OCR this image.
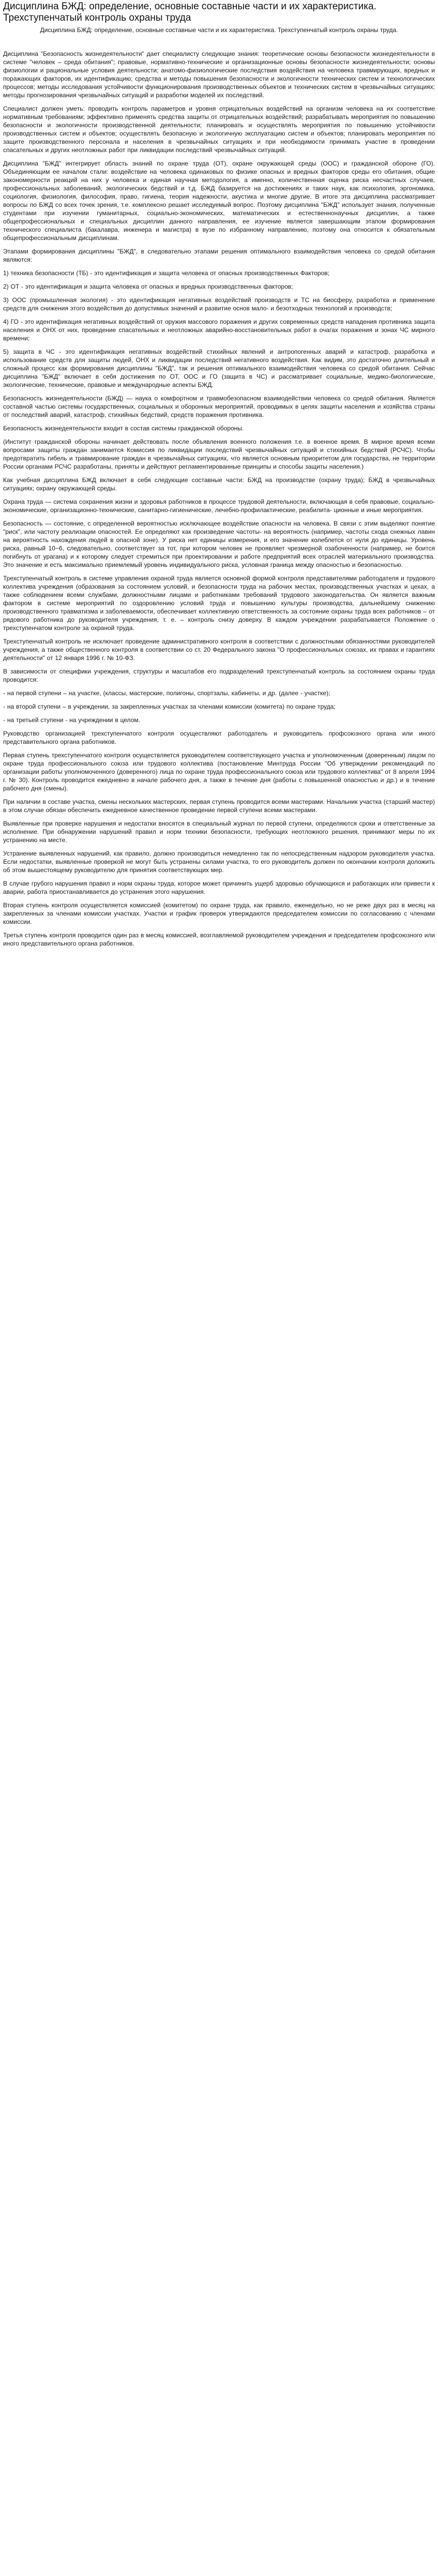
Дисциплина БЖД: определение, основные составные части и их характеристика. Трехступенчатый контроль охраны труда
Дисциплина БЖД: определение, основные составные части и их характеристика. Трехступенчатый контроль охраны труда.

Дисциплина "Безопасность жизнедеятельности" дает специалисту следующие знания: теоретические основы безопасности жизнедеятельности в системе "человек – среда обитания"; правовые, нормативно-технические и организационные основы безопасности жизнедеятельности; основы физиологии и рациональные условия деятельности; анатомо-физиологические последствия воздействия на человека травмирующих, вредных и поражающих факторов, их идентификацию; средства и методы повышения безопасности и экологичности технических систем и технологических процессов; методы исследования устойчивости функционирования производственных объектов и технических систем в чрезвычайных ситуациях; методы прогнозирования чрезвычайных ситуаций и разработки моделей их последствий.

Специалист должен уметь: проводить контроль параметров и уровня отрицательных воздействий на организм человека на их соответствие нормативным требованиям; эффективно применять средства защиты от отрицательных воздействий; разрабатывать мероприятия по повышению безопасности и экологичности производственной деятельности; планировать и осуществлять мероприятия по повышению устойчивости производственных систем и объектов; осуществлять безопасную и экологичную эксплуатацию систем и объектов; планировать мероприятия по защите производственного персонала и населения в чрезвычайных ситуациях и при необходимости принимать участие в проведении спасательных и других неотложных работ при ликвидации последствий чрезвычайных ситуаций.

Дисциплина "БЖД" интегрирует область знаний по охране труда (ОТ), охране окружающей среды (ООС) и гражданской обороне (ГО). Объединяющим ее началом стали: воздействие на человека одинаковых по физике опасных и вредных факторов среды его обитания, общие закономерности реакций на них у человека и единая научная методология, а именно, количественная оценка риска несчастных случаев, профессиональных заболеваний, экологических бедствий и т.д. БЖД базируется на достижениях и таких наук, как психология, эргономика, социология, физиология, философия, право, гигиена, теория надежности, акустика и многие другие. В итоге эта дисциплина рассматривает вопросы по БЖД со всех точек зрения, т.е. комплексно решает исследуемый вопрос. Поэтому дисциплина "БЖД" использует знания, полученные студентами при изучении гуманитарных, социально-экономических, математических и естественнонаучных дисциплин, а также общепрофессиональных и специальных дисциплин данного направления, ее изучение является завершающим этапом формирования технического специалиста (бакалавра, инженера и магистра) в вузе по избранному направлению, поэтому она относится к обязательным общепрофессиональным дисциплинам.

Этапами формирования дисциплины "БЖД", в следовательно этапами решения оптимального взаимодействия человека со средой обитания являются:

1) техника безопасности (ТБ) - это идентификация и защита человека от опасных производственных Факторов;

2) ОТ - это идентификация и защита человека от опасных и вредных производственных факторов;

3) ООС (промышленная экология) - это идентификация негативных воздействий производств и ТС на биосферу, разработка и применение средств для снижения этого воздействия до допустимых значений и развитие основ мало- и безотходных технологий и производств;

4) ГО - это идентификация негативных воздействий от оружия массового поражения и других современных средств нападения противника защита населения и ОНХ от них, проведение спасательных и неотложных аварийно-восстановительных работ в очагах поражения и зонах ЧС мирного времени;

5) защита в ЧС - это идентификация негативных воздействий стихийных явлений и антропогенных аварий и катастроф, разработка и использование средств для защиты людей, ОНХ и ликвидации последствий негативного воздействия. Как видим, это достаточно длительный и сложный процесс как формирования дисциплины "БЖД", так и решения оптимального взаимодействия человека со средой обитания. Сейчас дисциплина "БЖД" включает в себя достижения по ОТ, ООС и ГО (защита в ЧС) и рассматривает социальные, медико-биологические, экологические, технические, правовые и международные аспекты БЖД.

Безопасность жизнедеятельности (БЖД) — наука о комфортном и травмобезопасном взаимодействии человека со средой обитания. Является составной частью системы государственных, социальных и оборонных мероприятий, проводимых в целях защиты населения и хозяйства страны от последствий аварий, катастроф, стихийных бедствий, средств поражения противника.

Безопасность жизнедеятельности входит в состав системы гражданской обороны.

(Институт гражданской обороны начинает действовать после объявления военного положения т.е. в военное время. В мирное время всеми вопросами защиты граждан занимается Комиссия по ликвидации последствий чрезвычайных ситуаций и стихийных бедствий (РСЧС). Чтобы предотвратить гибель и травмирование граждан в чрезвычайных ситуациях, что является основным приоритетом для государства, не территории России органами РСЧС разработаны, приняты и действуют регламентированные принципы и способы защиты населения.)

Как учебная дисциплина БЖД включает в себя следующие составные части: БЖД на производстве (охрану труда); БЖД в чрезвычайных ситуациях; охрану окружающей среды.

Охрана труда — система сохранения жизни и здоровья работников в процессе трудовой деятельности, включающая в себя правовые, социально-экономические, организационно-технические, санитарно-гигиенические, лечебно-профилактические, реабилита- ционные и иные мероприятия.

Безопасность — состояние, с определенной вероятностью исключающее воздействие опасности на человека. В связи с этим выделяют понятие "риск", или частоту реализации опасностей. Ее определяют как произведение частоты- на вероятность (например, частоты схода снежных лавин на вероятность нахождения людей в опасной зоне). У риска нет единицы измерения, и его значение колеблется от нуля до единицы. Уровень риска, равный 10−6, следовательно, соответствует за тот, при котором человек не проявляет чрезмерной озабоченности (например, не боится погибнуть от урагана) и к которому следует стремиться при проектировании и работе предприятий всех отраслей материального производства. Это значение и есть максимально приемлемый уровень индивидуального риска, условная граница между опасностью и безопасностью.

Трехступенчатый контроль в системе управления охраной труда является основной формой контроля представителями работодателя и трудового коллектива учреждения (образования за состоянием условий, и безопасности труда на рабочих местах, производственных участках и цехах, а также соблюдением всеми службами, должностными лицами и работниками требований трудового законодательства. Он является важным фактором в системе мероприятий по оздоровлению условий труда и повышению культуры производства, дальнейшему снижению производственного травматизма и заболеваемости, обеспечивает коллективную ответственность за состояние охраны труда всех работников – от рядового работника до руководителя учреждения, т. е. – контроль снизу доверху. В каждом учреждении разрабатывается Положение о трехступенчатом контроле за охраной труда.

Трехступенчатый контроль не исключает проведение административного контроля в соответствии с должностными обязанностями руководителей учреждения, а также общественного контроля в соответствии со ст. 20 Федерального закона "О профессиональных союзах, их правах и гарантиях деятельности" от 12 января 1996 г. № 10-ФЗ.

В зависимости от специфики учреждения, структуры и масштабов его подразделений трехступенчатый контроль за состоянием охраны труда проводится:

- на первой ступени – на участке, (классы, мастерские, полигоны, спортзалы, кабинеты, и др. (далее - участке);

- на второй ступени – в учреждении, за закрепленных участках за членами комиссии (комитета) по охране труда;

- на третьей ступени - на учреждении в целом.

Руководство организацией трехступенчатого контроля осуществляют работодатель и руководитель профсоюзного органа или иного представительного органа работников.

Первая ступень трехступенчатого контроля осуществляется руководителем соответствующего участка и уполномоченным (доверенным) лицом по охране труда профессионального союза или трудового коллектива (постановление Минтруда России "Об утверждении рекомендаций по организации работы уполномоченного (доверенного) лица по охране труда профессионального союза или трудового коллектива" от 8 апреля 1994 г. № 30). Контроль проводится ежедневно в начале рабочего дня, а также в течение дня (работы с повышенной опасностью и др.) и в течение рабочего дня (смены).

При наличии в составе участка, смены нескольких мастерских, первая ступень проводится всеми мастерами. Начальник участка (старший мастер) в этом случае обязан обеспечить ежедневное качественное проведение первой ступени всеми мастерами.

Выявленные при проверке нарушения и недостатки вносятся в специальный журнал по первой ступени, определяются сроки и ответственные за исполнение. При обнаружении нарушений правил и норм техники безопасности, требующих неотложного решения, принимают меры по их устранению на месте.

Устранение выявленных нарушений, как правило, должно производиться немедленно так по непосредственным надзором руководителя участка. Если недостатки, выявленные проверкой не могут быть устранены силами участка, то его руководитель должен по окончании контроля доложить об этом вышестоящему руководителю для принятия соответствующих мер.

В случае грубого нарушения правил и норм охраны труда, которое может причинить ущерб здоровью обучающихся и работающих или привести к аварии, работа приостанавливается до устранения этого нарушения.

Вторая ступень контроля осуществляется комиссией (комитетом) по охране труда, как правило, еженедельно, но не реже двух раз в месяц на закрепленных за членами комиссии участках. Участки и график проверок утверждаются председателем комиссии по согласованию с членами комиссии.

Третья ступень контроля проводится один раз в месяц комиссией, возглавляемой руководителем учреждения и председателем профсоюзного или иного представительного органа работников.
